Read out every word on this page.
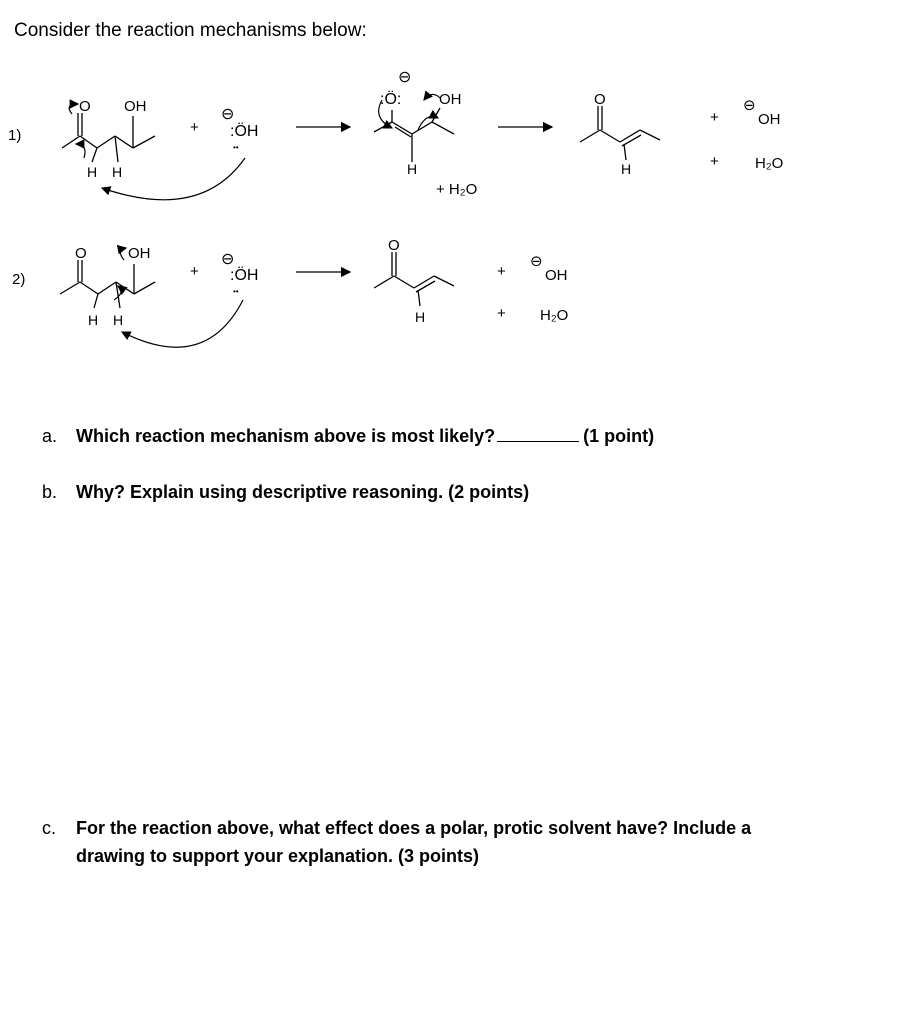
Consider the reaction mechanisms below:
1)
O OH
H H
+
⊖
:ÖH
••
⊖
:Ö:	OH
H
+ H₂O
O
H
+
⊖
OH
+ H₂O
2)
O	OH
H H
+
⊖
:ÖH
••
O
H
+
⊖
OH
+ H₂O
a. Which reaction mechanism above is most likely?	(1 point)
b. Why? Explain using descriptive reasoning. (2 points)
c. For the reaction above, what effect does a polar, protic solvent have? Include a drawing to support your explanation. (3 points)
